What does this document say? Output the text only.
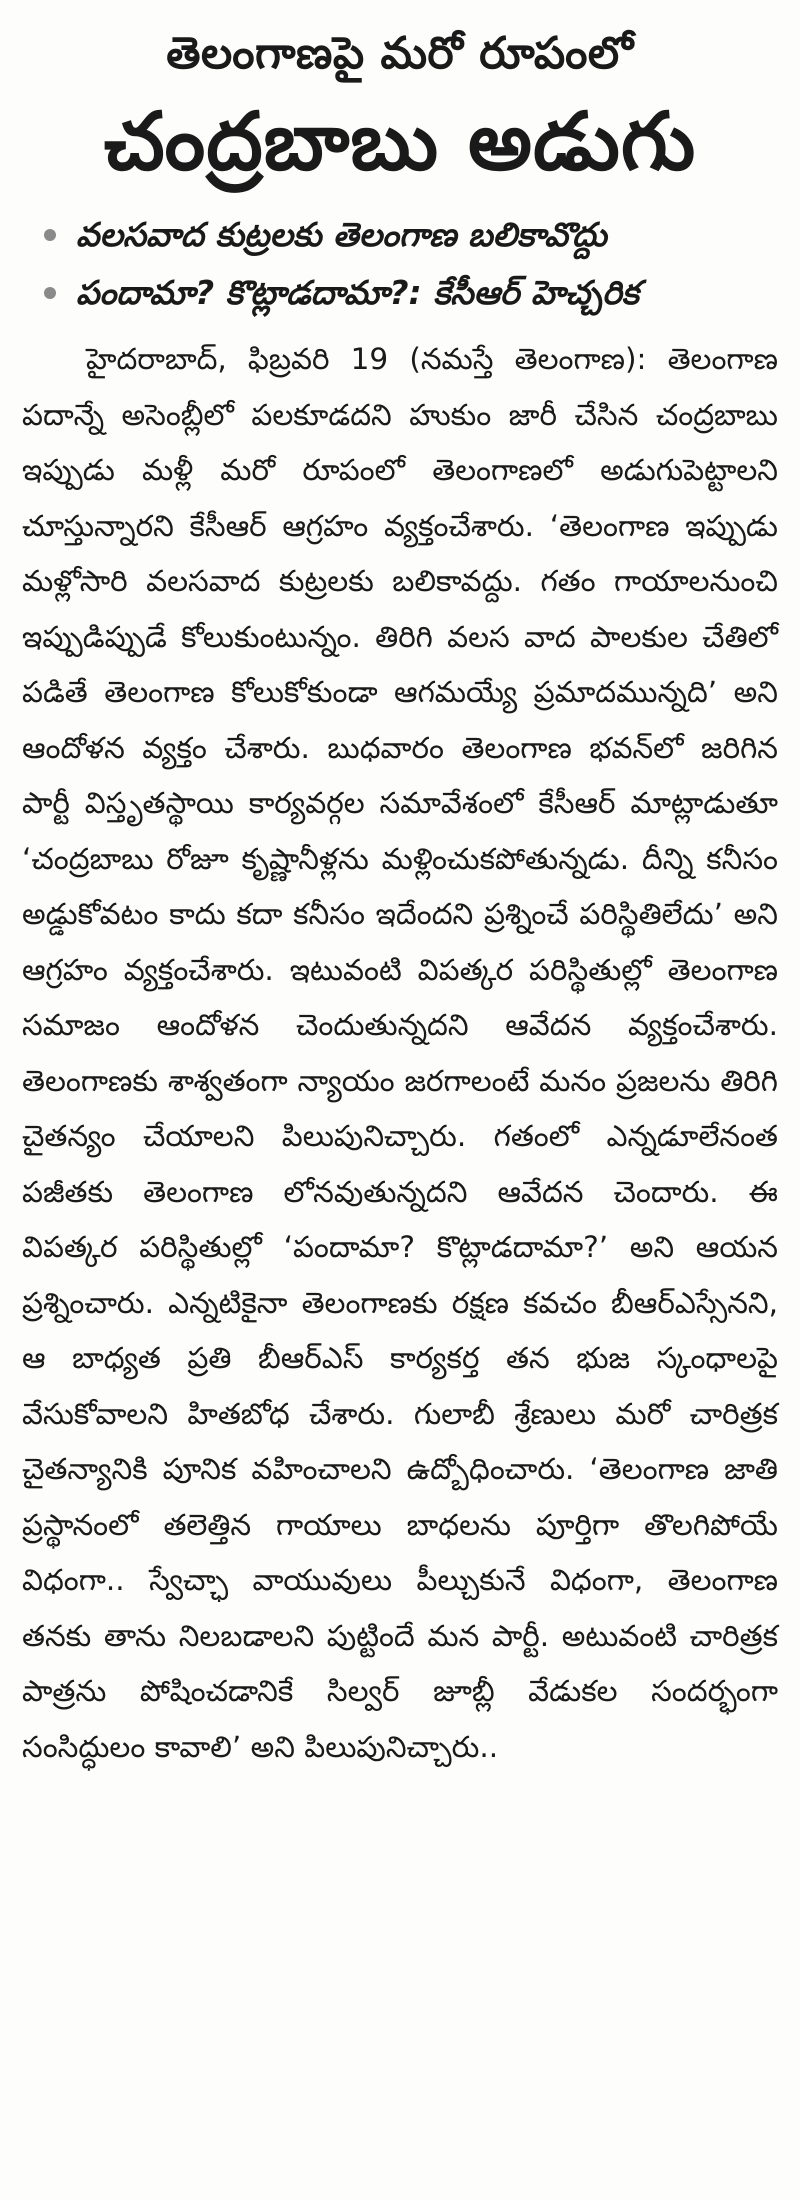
తెలంగాణపై మరో రూపంలో
చంద్రబాబు అడుగు
వలసవాద కుట్రలకు తెలంగాణ బలికావొద్దు
పందామా? కొట్లాడదామా?: కేసీఆర్ హెచ్చరిక

హైదరాబాద్, ఫిబ్రవరి 19 (నమస్తే తెలంగాణ): తెలంగాణ పదాన్నే అసెంబ్లీలో పలకూడదని హుకుం జారీ చేసిన చంద్రబాబు ఇప్పుడు మళ్లీ మరో రూపంలో తెలంగాణలో అడుగుపెట్టాలని చూస్తున్నారని కేసీఆర్ ఆగ్రహం వ్యక్తంచేశారు. ‘తెలంగాణ ఇప్పుడు మళ్లోసారి వలసవాద కుట్రలకు బలికావద్దు. గతం గాయాలనుంచి ఇప్పుడిప్పుడే కోలుకుంటున్నం. తిరిగి వలస వాద పాలకుల చేతిలో పడితే తెలంగాణ కోలుకోకుండా ఆగమయ్యే ప్రమాదమున్నది’ అని ఆందోళన వ్యక్తం చేశారు. బుధవారం తెలంగాణ భవన్‌లో జరిగిన పార్టీ విస్తృతస్థాయి కార్యవర్గల సమావేశంలో కేసీఆర్ మాట్లాడుతూ ‘చంద్రబాబు రోజూ కృష్ణానీళ్లను మళ్లించుకపోతున్నడు. దీన్ని కనీసం అడ్డుకోవటం కాదు కదా కనీసం ఇదేందని ప్రశ్నించే పరిస్థితిలేదు’ అని ఆగ్రహం వ్యక్తంచేశారు. ఇటువంటి విపత్కర పరిస్థితుల్లో తెలంగాణ సమాజం ఆందోళన చెందుతున్నదని ఆవేదన వ్యక్తంచేశారు. తెలంగాణకు శాశ్వతంగా న్యాయం జరగాలంటే మనం ప్రజలను తిరిగి చైతన్యం చేయాలని పిలుపునిచ్చారు. గతంలో ఎన్నడూలేనంత పజీతకు తెలంగాణ లోనవుతున్నదని ఆవేదన చెందారు. ఈ విపత్కర పరిస్థితుల్లో ‘పందామా? కొట్లాడదామా?’ అని ఆయన ప్రశ్నించారు. ఎన్నటికైనా తెలంగాణకు రక్షణ కవచం బీఆర్ఎస్సేనని, ఆ బాధ్యత ప్రతి బీఆర్ఎస్ కార్యకర్త తన భుజ స్కంధాలపై వేసుకోవాలని హితబోధ చేశారు. గులాబీ శ్రేణులు మరో చారిత్రక చైతన్యానికి పూనిక వహించాలని ఉద్బోధించారు. ‘తెలంగాణ జాతి ప్రస్థానంలో తలెత్తిన గాయాలు బాధలను పూర్తిగా తొలగిపోయే విధంగా.. స్వేచ్ఛా వాయువులు పీల్చుకునే విధంగా, తెలంగాణ తనకు తాను నిలబడాలని పుట్టిందే మన పార్టీ. అటువంటి చారిత్రక పాత్రను పోషించడానికే సిల్వర్ జూబ్లీ వేడుకల సందర్భంగా సంసిద్ధులం కావాలి’ అని పిలుపునిచ్చారు..
